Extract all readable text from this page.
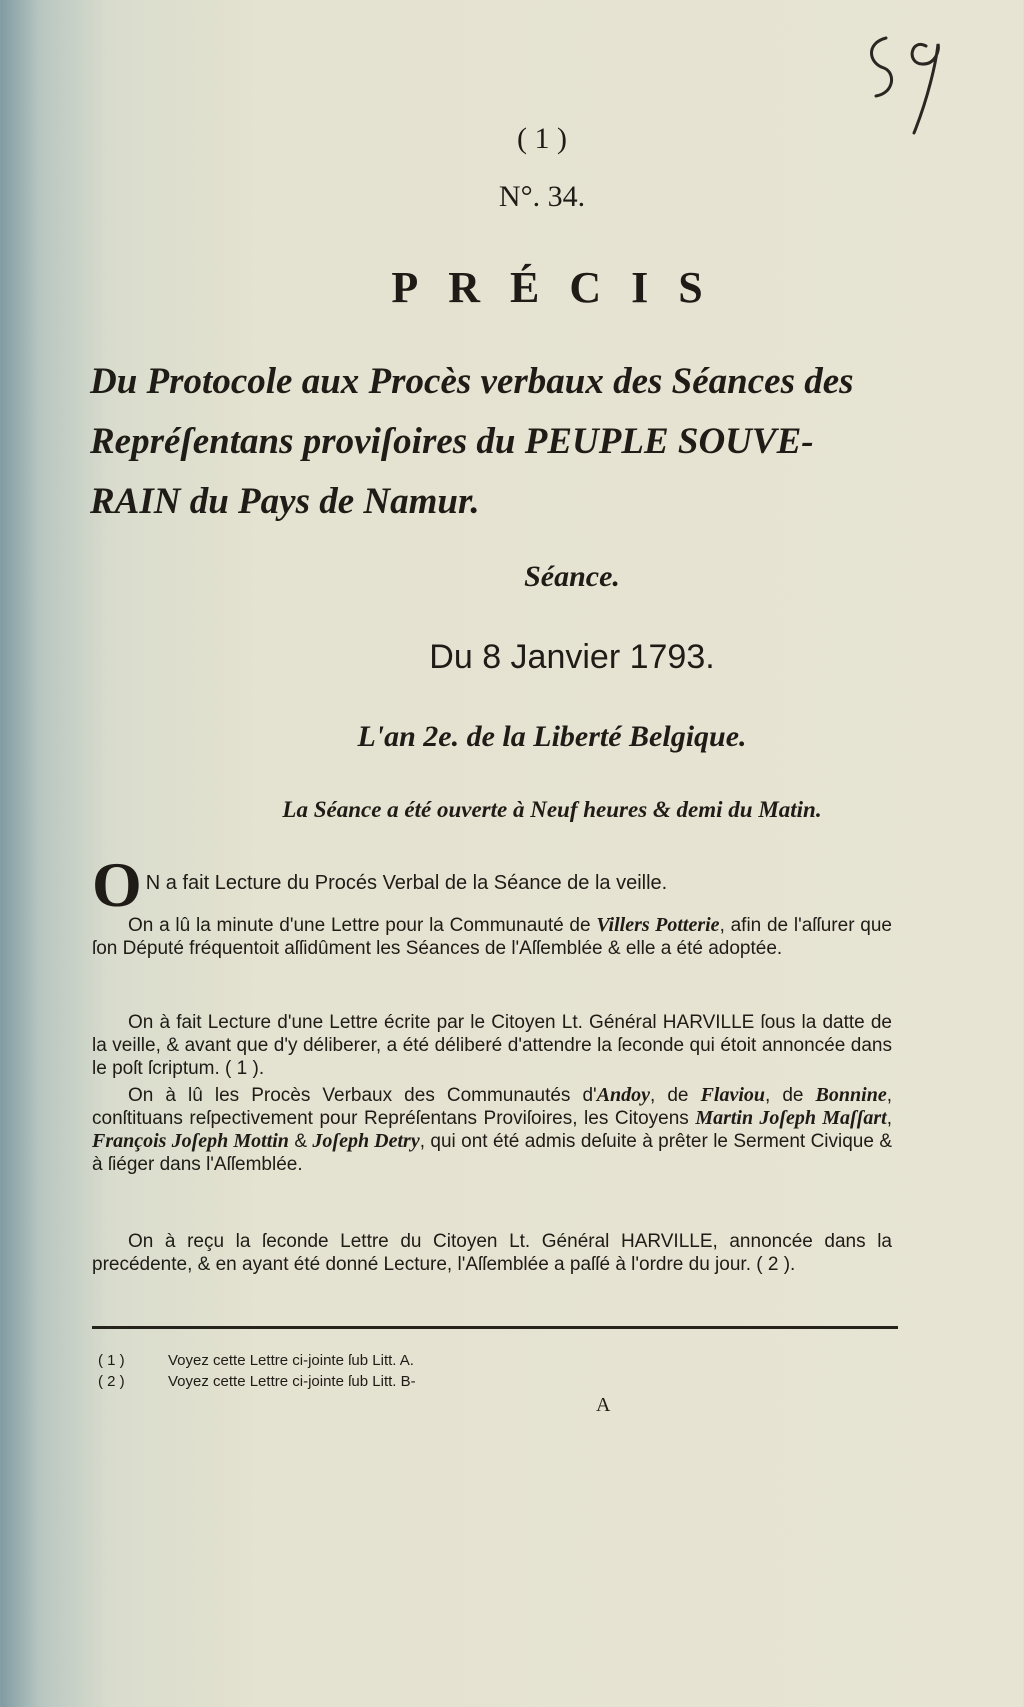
( 1 )
N°. 34.
PRÉCIS
Du Protocole aux Procès verbaux des Séances des
Repréſentans proviſoires du PEUPLE SOUVE-
RAIN du Pays de Namur.
Séance.
Du 8 Janvier 1793.
L'an 2e. de la Liberté Belgique.
La Séance a été ouverte à Neuf heures & demi du Matin.
O N a fait Lecture du Procés Verbal de la Séance de la veille.
On a lû la minute d'une Lettre pour la Communauté de Villers Potterie, afin de l'aſſurer que ſon Député fréquentoit aſſidûment les Séances de l'Aſſemblée & elle a été adoptée.
On à fait Lecture d'une Lettre écrite par le Citoyen Lt. Général HARVILLE ſous la datte de la veille, & avant que d'y déliberer, a été déliberé d'attendre la ſeconde qui étoit annoncée dans le poſt ſcriptum. ( 1 ).
On à lû les Procès Verbaux des Communautés d'Andoy, de Flaviou, de Bonnine, conſtituans reſpectivement pour Repréſentans Proviſoires, les Citoyens Martin Joſeph Maſſart, François Joſeph Mottin & Joſeph Detry, qui ont été admis deſuite à prêter le Serment Civique & à ſiéger dans l'Aſſemblée.
On à reçu la ſeconde Lettre du Citoyen Lt. Général HARVILLE, annoncée dans la precédente, & en ayant été donné Lecture, l'Aſſemblée a paſſé à l'ordre du jour. ( 2 ).
( 1 )	Voyez cette Lettre ci-jointe ſub Litt. A.
( 2 )	Voyez cette Lettre ci-jointe ſub Litt. B-
A
